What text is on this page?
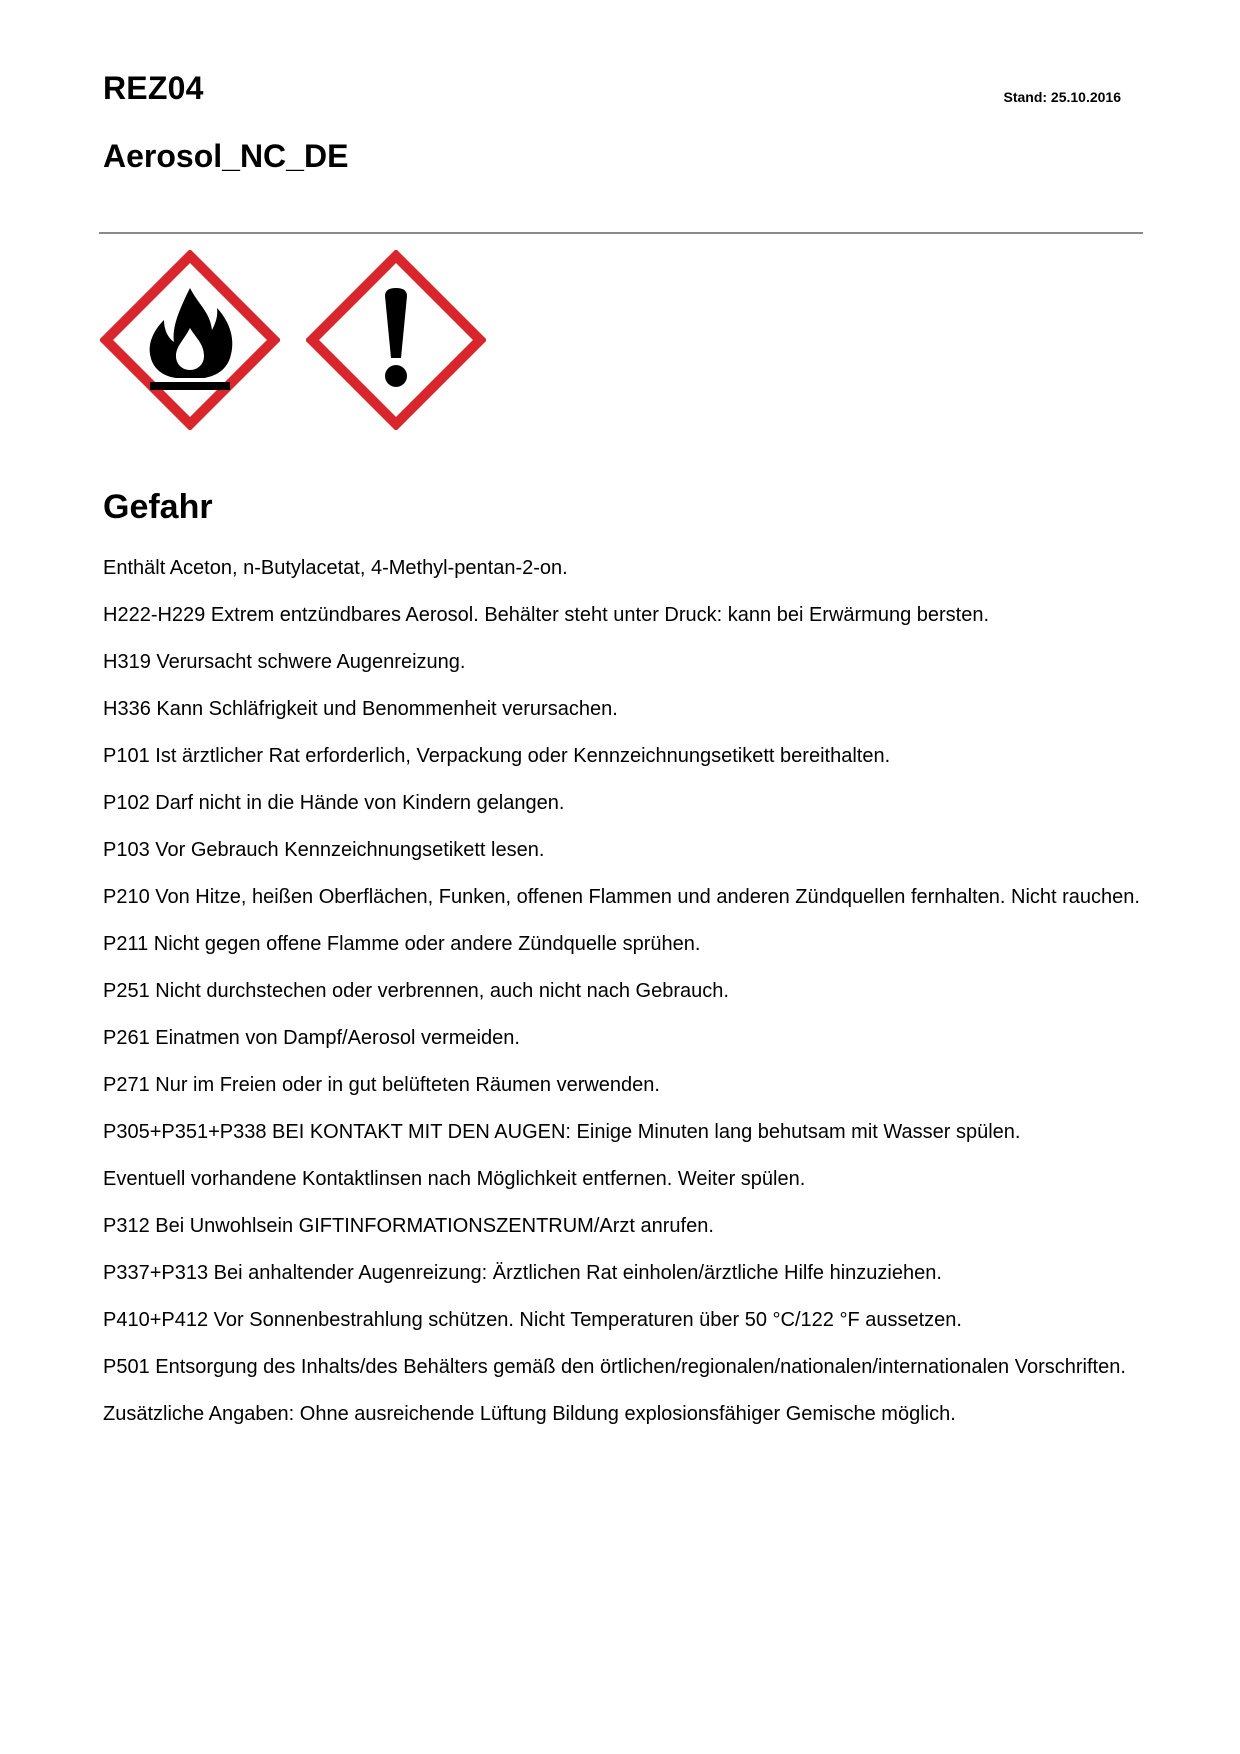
REZ04	Stand: 25.10.2016
Aerosol_NC_DE
Gefahr
Enthält Aceton, n-Butylacetat, 4-Methyl-pentan-2-on.
H222-H229 Extrem entzündbares Aerosol. Behälter steht unter Druck: kann bei Erwärmung bersten.
H319 Verursacht schwere Augenreizung.
H336 Kann Schläfrigkeit und Benommenheit verursachen.
P101 Ist ärztlicher Rat erforderlich, Verpackung oder Kennzeichnungsetikett bereithalten.
P102 Darf nicht in die Hände von Kindern gelangen.
P103 Vor Gebrauch Kennzeichnungsetikett lesen.
P210 Von Hitze, heißen Oberflächen, Funken, offenen Flammen und anderen Zündquellen fernhalten. Nicht rauchen.
P211 Nicht gegen offene Flamme oder andere Zündquelle sprühen.
P251 Nicht durchstechen oder verbrennen, auch nicht nach Gebrauch.
P261 Einatmen von Dampf/Aerosol vermeiden.
P271 Nur im Freien oder in gut belüfteten Räumen verwenden.
P305+P351+P338 BEI KONTAKT MIT DEN AUGEN: Einige Minuten lang behutsam mit Wasser spülen.
Eventuell vorhandene Kontaktlinsen nach Möglichkeit entfernen. Weiter spülen.
P312 Bei Unwohlsein GIFTINFORMATIONSZENTRUM/Arzt anrufen.
P337+P313 Bei anhaltender Augenreizung: Ärztlichen Rat einholen/ärztliche Hilfe hinzuziehen.
P410+P412 Vor Sonnenbestrahlung schützen. Nicht Temperaturen über 50 °C/122 °F aussetzen.
P501 Entsorgung des Inhalts/des Behälters gemäß den örtlichen/regionalen/nationalen/internationalen Vorschriften.
Zusätzliche Angaben: Ohne ausreichende Lüftung Bildung explosionsfähiger Gemische möglich.
